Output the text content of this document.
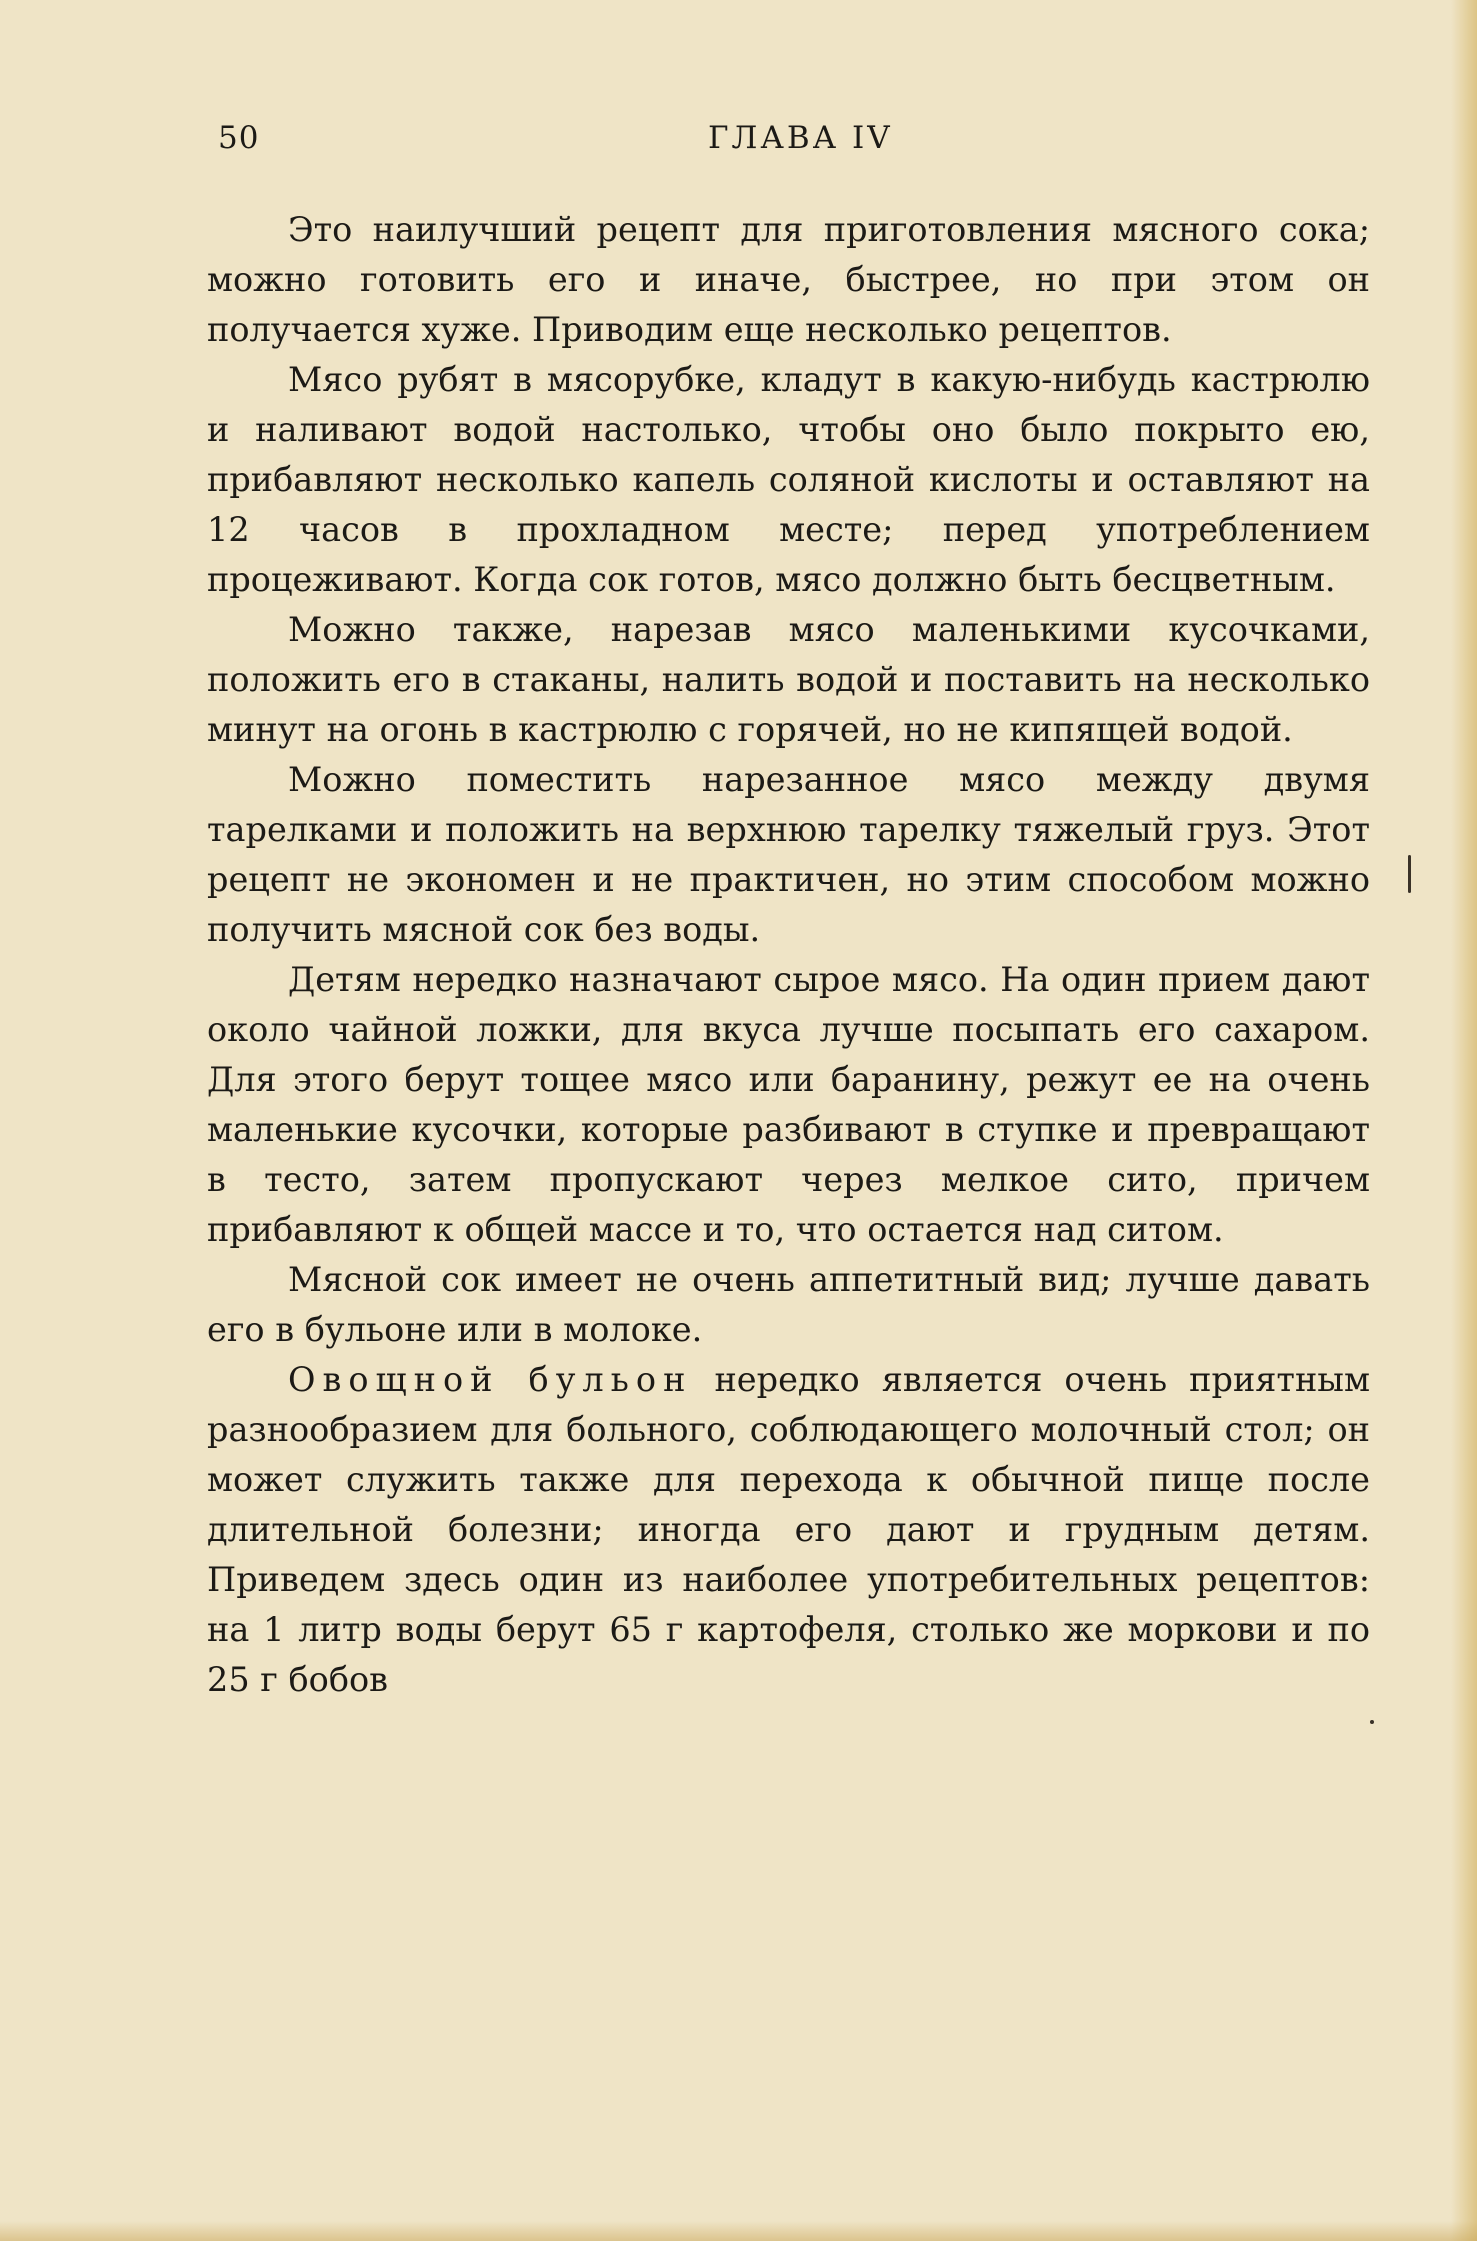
50	ГЛАВА IV

Это наилучший рецепт для приготовления мясного сока; можно готовить его и иначе, быстрее, но при этом он получается хуже. Приводим еще несколько рецептов.

Мясо рубят в мясорубке, кладут в какую-нибудь кастрюлю и наливают водой настолько, чтобы оно было покрыто ею, прибавляют несколько капель соляной кислоты и оставляют на 12 часов в прохладном месте; перед употреблением процеживают. Когда сок готов, мясо должно быть бесцветным.

Можно также, нарезав мясо маленькими кусочками, положить его в стаканы, налить водой и поставить на несколько минут на огонь в кастрюлю с горячей, но не кипящей водой.

Можно поместить нарезанное мясо между двумя тарелками и положить на верхнюю тарелку тяжелый груз. Этот рецепт не экономен и не практичен, но этим способом можно получить мясной сок без воды.

Детям нередко назначают сырое мясо. На один прием дают около чайной ложки, для вкуса лучше посыпать его сахаром. Для этого берут тощее мясо или баранину, режут ее на очень маленькие кусочки, которые разбивают в ступке и превращают в тесто, затем пропускают через мелкое сито, причем прибавляют к общей массе и то, что остается над ситом.

Мясной сок имеет не очень аппетитный вид; лучше давать его в бульоне или в молоке.

Овощной бульон нередко является очень приятным разнообразием для больного, соблюдающего молочный стол; он может служить также для перехода к обычной пище после длительной болезни; иногда его дают и грудным детям. Приведем здесь один из наиболее употребительных рецептов: на 1 литр воды берут 65 г картофеля, столько же моркови и по 25 г бобов
